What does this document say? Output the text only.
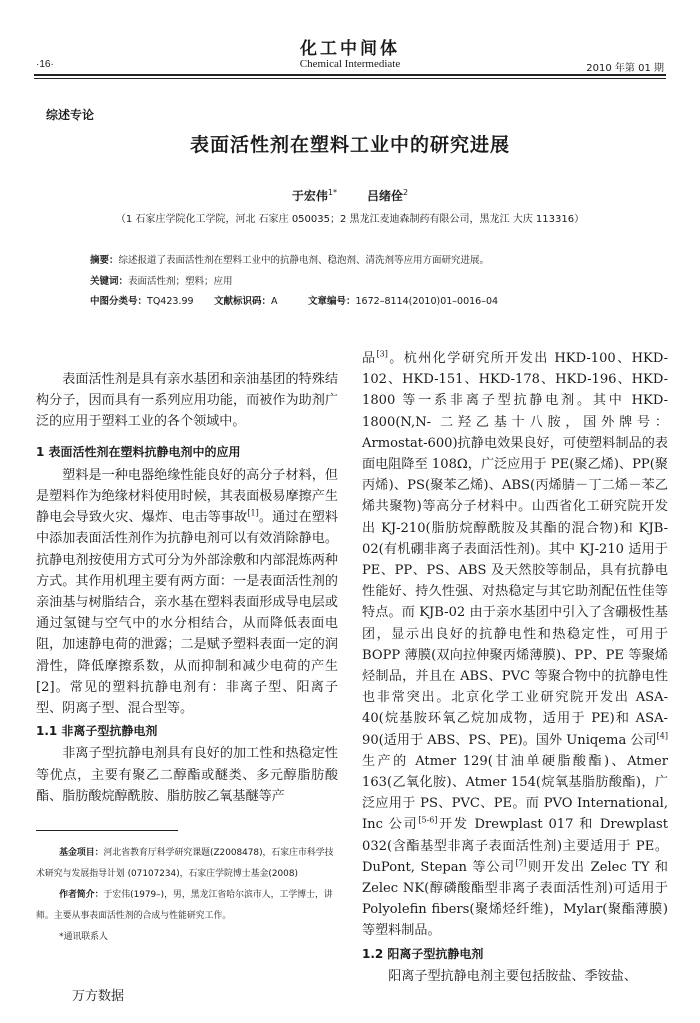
·16·
化工中间体
Chemical Intermediate	2010 年第 01 期
综述专论
表面活性剂在塑料工业中的研究进展
于宏伟$^{1*}$	吕绪佺$^2$
（1 石家庄学院化工学院，河北 石家庄 050035；2 黑龙江麦迪森制药有限公司，黑龙江 大庆 113316）
摘要：综述报道了表面活性剂在塑料工业中的抗静电剂、稳泡剂、清洗剂等应用方面研究进展。
关键词：表面活性剂；塑料；应用
中图分类号：TQ423.99 文献标识码：A	文章编号：1672–8114(2010)01–0016–04

表面活性剂是具有亲水基团和亲油基团的特殊结构分子，因而具有一系列应用功能，而被作为助剂广泛的应用于塑料工业的各个领域中。

1 表面活性剂在塑料抗静电剂中的应用

塑料是一种电器绝缘性能良好的高分子材料，但是塑料作为绝缘材料使用时候，其表面极易摩擦产生静电会导致火灾、爆炸、电击等事故[1]。通过在塑料中添加表面活性剂作为抗静电剂可以有效消除静电。抗静电剂按使用方式可分为外部涂敷和内部混炼两种方式。其作用机理主要有两方面：一是表面活性剂的亲油基与树脂结合，亲水基在塑料表面形成导电层或通过氢键与空气中的水分相结合，从而降低表面电阻，加速静电荷的泄露；二是赋予塑料表面一定的润滑性，降低摩擦系数，从而抑制和减少电荷的产生[2]。常见的塑料抗静电剂有：非离子型、阳离子型、阴离子型、混合型等。

1.1 非离子型抗静电剂

非离子型抗静电剂具有良好的加工性和热稳定性等优点，主要有聚乙二醇酯或醚类、多元醇脂肪酸酯、脂肪酸烷醇酰胺、脂肪胺乙氧基醚等产

品[3]。杭州化学研究所开发出 HKD-100、HKD-102、HKD-151、HKD-178、HKD-196、HKD-1800 等一系非离子型抗静电剂。其中 HKD-1800(N,N- 二羟乙基十八胺，国外牌号：Armostat-600)抗静电效果良好，可使塑料制品的表面电阻降至 108Ω，广泛应用于 PE(聚乙烯)、PP(聚丙烯)、PS(聚苯乙烯)、ABS(丙烯腈－丁二烯－苯乙烯共聚物)等高分子材料中。山西省化工研究院开发出 KJ-210(脂肪烷醇酰胺及其酯的混合物)和 KJB-02(有机硼非离子表面活性剂)。其中 KJ-210 适用于 PE、PP、PS、ABS 及天然胶等制品，具有抗静电性能好、持久性强、对热稳定与其它助剂配伍性佳等特点。而 KJB-02 由于亲水基团中引入了含硼极性基团，显示出良好的抗静电性和热稳定性，可用于 BOPP 薄膜(双向拉伸聚丙烯薄膜)、PP、PE 等聚烯烃制品，并且在 ABS、PVC 等聚合物中的抗静电性也非常突出。北京化学工业研究院开发出 ASA-40(烷基胺环氧乙烷加成物，适用于 PE)和 ASA-90(适用于 ABS、PS、PE)。国外 Uniqema 公司[4]生产的 Atmer 129(甘油单硬脂酸酯)、Atmer 163(乙氧化胺)、Atmer 154(烷氧基脂肪酸酯)，广泛应用于 PS、PVC、PE。而 PVO International, Inc 公司[5-6]开发 Drewplast 017 和 Drewplast 032(含酯基型非离子表面活性剂)主要适用于 PE。DuPont, Stepan 等公司[7]则开发出 Zelec TY 和 Zelec NK(醇磷酸酯型非离子表面活性剂)可适用于 Polyolefin fibers(聚烯烃纤维)，Mylar(聚酯薄膜)等塑料制品。

1.2 阳离子型抗静电剂

阳离子型抗静电剂主要包括胺盐、季铵盐、

基金项目：河北省教育厅科学研究课题(Z2008478)，石家庄市科学技术研究与发展指导计划 (07107234)，石家庄学院博士基金(2008)

作者简介：于宏伟(1979–)，男，黑龙江省哈尔滨市人，工学博士，讲师。主要从事表面活性剂的合成与性能研究工作。

*通讯联系人

万方数据
